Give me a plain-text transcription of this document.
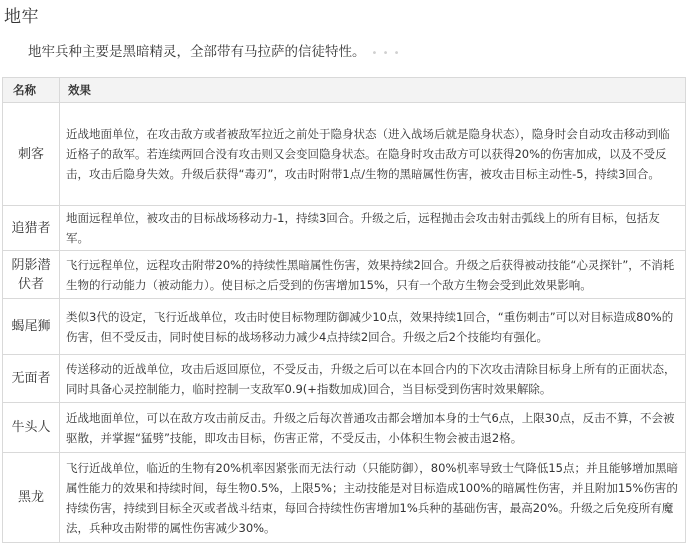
地牢
地牢兵种主要是黑暗精灵，全部带有马拉萨的信徒特性。 • • •
名称	效果
刺客	近战地面单位，在攻击敌方或者被敌军拉近之前处于隐身状态（进入战场后就是隐身状态），隐身时会自动攻击移动到临近格子的敌军。若连续两回合没有攻击则又会变回隐身状态。在隐身时攻击敌方可以获得20%的伤害加成，以及不受反击，攻击后隐身失效。升级后获得“毒刃”，攻击时附带1点/生物的黑暗属性伤害，被攻击目标主动性-5，持续3回合。
追猎者	地面远程单位，被攻击的目标战场移动力-1，持续3回合。升级之后，远程抛击会攻击射击弧线上的所有目标，包括友军。
阴影潜伏者	飞行远程单位，远程攻击附带20%的持续性黑暗属性伤害，效果持续2回合。升级之后获得被动技能“心灵探针”，不消耗生物的行动能力（被动能力）。使目标之后受到的伤害增加15%，只有一个敌方生物会受到此效果影响。
蝎尾狮	类似3代的设定，飞行近战单位，攻击时使目标物理防御减少10点，效果持续1回合，“重伤刺击”可以对目标造成80%的伤害，但不受反击，同时使目标的战场移动力减少4点持续2回合。升级之后2个技能均有强化。
无面者	传送移动的近战单位，攻击后返回原位，不受反击，升级之后可以在本回合内的下次攻击清除目标身上所有的正面状态，同时具备心灵控制能力，临时控制一支敌军0.9(+指数加成)回合，当目标受到伤害时效果解除。
牛头人	近战地面单位，可以在敌方攻击前反击。升级之后每次普通攻击都会增加本身的士气6点，上限30点，反击不算，不会被驱散，并掌握“猛劈”技能，即攻击目标，伤害正常，不受反击，小体积生物会被击退2格。
黑龙	飞行近战单位，临近的生物有20%机率因紧张而无法行动（只能防御），80%机率导致士气降低15点；并且能够增加黑暗属性能力的效果和持续时间，每生物0.5%，上限5%；主动技能是对目标造成100%的暗属性伤害，并且附加15%伤害的持续伤害，持续到目标全灭或者战斗结束，每回合持续性伤害增加1%兵种的基础伤害，最高20%。升级之后免疫所有魔法，兵种攻击附带的属性伤害减少30%。
